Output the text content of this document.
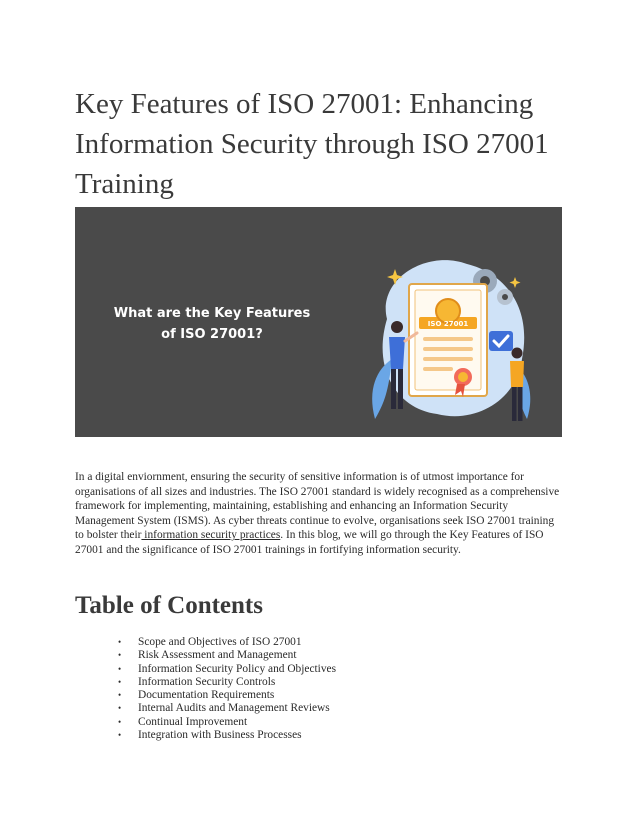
Key Features of ISO 27001: Enhancing Information Security through ISO 27001 Training
What are the Key Features
of ISO 27001?
ISO 27001

In a digital enviornment, ensuring the security of sensitive information is of utmost importance for organisations of all sizes and industries. The ISO 27001 standard is widely recognised as a comprehensive framework for implementing, maintaining, establishing and enhancing an Information Security Management System (ISMS). As cyber threats continue to evolve, organisations seek ISO 27001 training to bolster their information security practices. In this blog, we will go through the Key Features of ISO 27001 and the significance of ISO 27001 trainings in fortifying information security.

Table of Contents
• Scope and Objectives of ISO 27001
• Risk Assessment and Management
• Information Security Policy and Objectives
• Information Security Controls
• Documentation Requirements
• Internal Audits and Management Reviews
• Continual Improvement
• Integration with Business Processes
